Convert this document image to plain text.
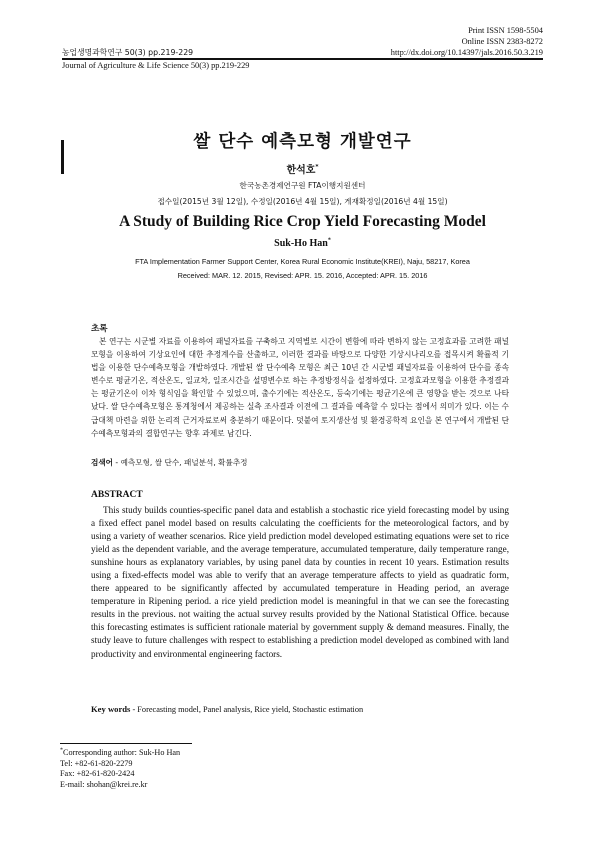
Print ISSN 1598-5504
Online ISSN 2383-8272
농업생명과학연구 50(3) pp.219-229	http://dx.doi.org/10.14397/jals.2016.50.3.219
Journal of Agriculture & Life Science 50(3) pp.219-229
쌀 단수 예측모형 개발연구
한석호*
한국농촌경제연구원 FTA이행지원센터
접수일(2015년 3월 12일), 수정일(2016년 4월 15일), 게재확정일(2016년 4월 15일)
A Study of Building Rice Crop Yield Forecasting Model
Suk-Ho Han*
FTA Implementation Farmer Support Center, Korea Rural Economic Institute(KREI), Naju, 58217, Korea
Received: MAR. 12. 2015, Revised: APR. 15. 2016, Accepted: APR. 15. 2016
초록
본 연구는 시군별 자료를 이용하여 패널자료를 구축하고 지역별로 시간이 변함에 따라 변하지 않는 고정효과를 고려한 패널모형을 이용하여 기상요인에 대한 추정계수를 산출하고, 이러한 결과를 바탕으로 다양한 기상시나리오를 접목시켜 확률적 기법을 이용한 단수예측모형을 개발하였다. 개발된 쌀 단수예측 모형은 최근 10년 간 시군별 패널자료를 이용하여 단수를 종속변수로 평균기온, 적산온도, 일교차, 일조시간을 설명변수로 하는 추정방정식을 설정하였다. 고정효과모형을 이용한 추정결과는 평균기온이 이차 형식임을 확인할 수 있었으며, 출수기에는 적산온도, 등숙기에는 평균기온에 큰 영향을 받는 것으로 나타났다. 쌀 단수예측모형은 통계청에서 제공하는 실측 조사결과 이전에 그 결과를 예측할 수 있다는 점에서 의미가 있다. 이는 수급대책 마련을 위한 논리적 근거자료로써 충분하기 때문이다. 덧붙여 토지생산성 및 환경공학적 요인을 본 연구에서 개발된 단수예측모형과의 결합연구는 향후 과제로 남긴다.
검색어 - 예측모형, 쌀 단수, 패널분석, 확률추정
ABSTRACT
This study builds counties-specific panel data and establish a stochastic rice yield forecasting model by using a fixed effect panel model based on results calculating the coefficients for the meteorological factors, and by using a variety of weather scenarios. Rice yield prediction model developed estimating equations were set to rice yield as the dependent variable, and the average temperature, accumulated temperature, daily temperature range, sunshine hours as explanatory variables, by using panel data by counties in recent 10 years. Estimation results using a fixed-effects model was able to verify that an average temperature affects to yield as quadratic form, there appeared to be significantly affected by accumulated temperature in Heading period, an average temperature in Ripening period. a rice yield prediction model is meaningful in that we can see the forecasting results in the previous. not waiting the actual survey results provided by the National Statistical Office. because this forecasting estimates is sufficient rationale material by government supply & demand measures. Finally, the study leave to future challenges with respect to establishing a prediction model developed as combined with land productivity and environmental engineering factors.
Key words - Forecasting model, Panel analysis, Rice yield, Stochastic estimation
*Corresponding author: Suk-Ho Han
Tel: +82-61-820-2279
Fax: +82-61-820-2424
E-mail: shohan@krei.re.kr
